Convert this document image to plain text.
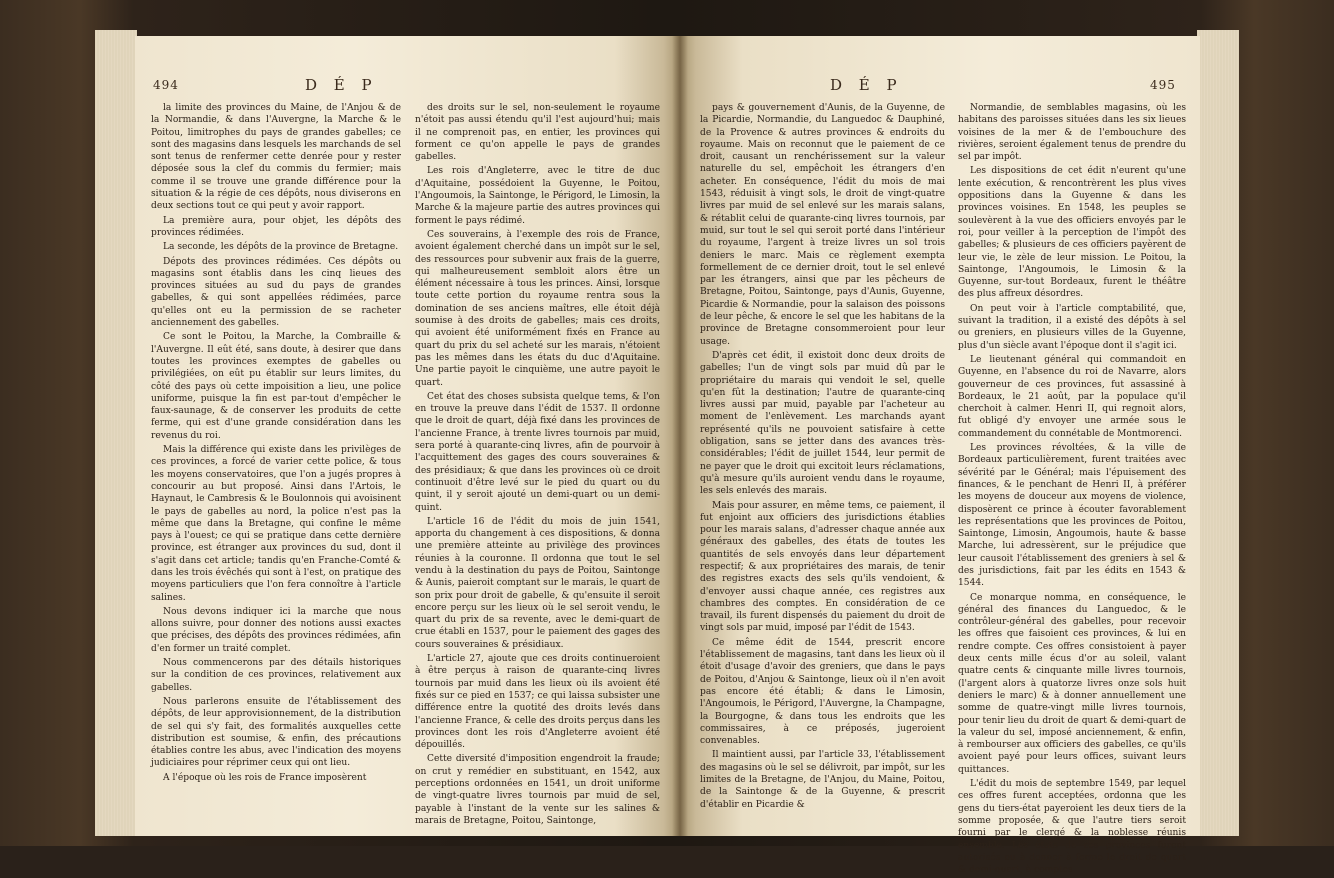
494	D É P

la limite des provinces du Maine, de l'Anjou & de la Normandie, & dans l'Auvergne, la Marche & le Poitou, limitrophes du pays de grandes gabelles; ce sont des magasins dans lesquels les marchands de sel sont tenus de renfermer cette denrée pour y rester déposée sous la clef du commis du fermier; mais comme il se trouve une grande différence pour la situation & la régie de ces dépôts, nous diviserons en deux sections tout ce qui peut y avoir rapport.

La première aura, pour objet, les dépôts des provinces rédimées.

La seconde, les dépôts de la province de Bretagne.

Dépots des provinces rédimées. Ces dépôts ou magasins sont établis dans les cinq lieues des provinces situées au sud du pays de grandes gabelles, & qui sont appellées rédimées, parce qu'elles ont eu la permission de se racheter anciennement des gabelles.

Ce sont le Poitou, la Marche, la Combraille & l'Auvergne. Il eût été, sans doute, à desirer que dans toutes les provinces exemptes de gabelles ou privilégiées, on eût pu établir sur leurs limites, du côté des pays où cette impoisition a lieu, une police uniforme, puisque la fin est par-tout d'empêcher le faux-saunage, & de conserver les produits de cette ferme, qui est d'une grande considération dans les revenus du roi.

Mais la différence qui existe dans les privilèges de ces provinces, a forcé de varier cette police, & tous les moyens conservatoires, que l'on a jugés propres à concourir au but proposé. Ainsi dans l'Artois, le Haynaut, le Cambresis & le Boulonnois qui avoisinent le pays de gabelles au nord, la police n'est pas la même que dans la Bretagne, qui confine le même pays à l'ouest; ce qui se pratique dans cette dernière province, est étranger aux provinces du sud, dont il s'agit dans cet article; tandis qu'en Franche-Comté & dans les trois évêchés qui sont à l'est, on pratique des moyens particuliers que l'on fera connoître à l'article salines.

Nous devons indiquer ici la marche que nous allons suivre, pour donner des notions aussi exactes que précises, des dépôts des provinces rédimées, afin d'en former un traité complet.

Nous commencerons par des détails historiques sur la condition de ces provinces, relativement aux gabelles.

Nous parlerons ensuite de l'établissement des dépôts, de leur approvisionnement, de la distribution de sel qui s'y fait, des formalités auxquelles cette distribution est soumise, & enfin, des précautions établies contre les abus, avec l'indication des moyens judiciaires pour réprimer ceux qui ont lieu.

A l'époque où les rois de France imposèrent

des droits sur le sel, non-seulement le royaume n'étoit pas aussi étendu qu'il l'est aujourd'hui; mais il ne comprenoit pas, en entier, les provinces qui forment ce qu'on appelle le pays de grandes gabelles.

Les rois d'Angleterre, avec le titre de duc d'Aquitaine, possédoient la Guyenne, le Poitou, l'Angoumois, la Saintonge, le Périgord, le Limosin, la Marche & la majeure partie des autres provinces qui forment le pays rédimé.

Ces souverains, à l'exemple des rois de France, avoient également cherché dans un impôt sur le sel, des ressources pour subvenir aux frais de la guerre, qui malheureusement sembloit alors être un élément nécessaire à tous les princes. Ainsi, lorsque toute cette portion du royaume rentra sous la domination de ses anciens maîtres, elle étoit déjà soumise à des droits de gabelles; mais ces droits, qui avoient été uniformément fixés en France au quart du prix du sel acheté sur les marais, n'étoient pas les mêmes dans les états du duc d'Aquitaine. Une partie payoit le cinquième, une autre payoit le quart.

Cet état des choses subsista quelque tems, & l'on en trouve la preuve dans l'édit de 1537. Il ordonne que le droit de quart, déjà fixé dans les provinces de l'ancienne France, à trente livres tournois par muid, sera porté à quarante-cinq livres, afin de pourvoir à l'acquittement des gages des cours souveraines & des présidiaux; & que dans les provinces où ce droit continuoit d'être levé sur le pied du quart ou du quint, il y seroit ajouté un demi-quart ou un demi-quint.

L'article 16 de l'édit du mois de juin 1541, apporta du changement à ces dispositions, & donna une première atteinte au privilège des provinces réunies à la couronne. Il ordonna que tout le sel vendu à la destination du pays de Poitou, Saintonge & Aunis, paieroit comptant sur le marais, le quart de son prix pour droit de gabelle, & qu'ensuite il seroit encore perçu sur les lieux où le sel seroit vendu, le quart du prix de sa revente, avec le demi-quart de crue établi en 1537, pour le paiement des gages des cours souveraines & présidiaux.

L'article 27, ajoute que ces droits continueroient à être perçus à raison de quarante-cinq livres tournois par muid dans les lieux où ils avoient été fixés sur ce pied en 1537; ce qui laissa subsister une différence entre la quotité des droits levés dans l'ancienne France, & celle des droits perçus dans les provinces dont les rois d'Angleterre avoient été dépouillés.

Cette diversité d'imposition engendroit la fraude; on crut y remédier en substituant, en 1542, aux perceptions ordonnées en 1541, un droit uniforme de vingt-quatre livres tournois par muid de sel, payable à l'instant de la vente sur les salines & marais de Bretagne, Poitou, Saintonge,

D É P	495

pays & gouvernement d'Aunis, de la Guyenne, de la Picardie, Normandie, du Languedoc & Dauphiné, de la Provence & autres provinces & endroits du royaume. Mais on reconnut que le paiement de ce droit, causant un renchérissement sur la valeur naturelle du sel, empêchoit les étrangers d'en acheter. En conséquence, l'édit du mois de mai 1543, réduisit à vingt sols, le droit de vingt-quatre livres par muid de sel enlevé sur les marais salans, & rétablit celui de quarante-cinq livres tournois, par muid, sur tout le sel qui seroit porté dans l'intérieur du royaume, l'argent à treize livres un sol trois deniers le marc. Mais ce règlement exempta formellement de ce dernier droit, tout le sel enlevé par les étrangers, ainsi que par les pêcheurs de Bretagne, Poitou, Saintonge, pays d'Aunis, Guyenne, Picardie & Normandie, pour la salaison des poissons de leur pêche, & encore le sel que les habitans de la province de Bretagne consommeroient pour leur usage.

D'après cet édit, il existoit donc deux droits de gabelles; l'un de vingt sols par muid dû par le propriétaire du marais qui vendoit le sel, quelle qu'en fût la destination; l'autre de quarante-cinq livres aussi par muid, payable par l'acheteur au moment de l'enlèvement. Les marchands ayant représenté qu'ils ne pouvoient satisfaire à cette obligation, sans se jetter dans des avances très-considérables; l'édit de juillet 1544, leur permit de ne payer que le droit qui excitoit leurs réclamations, qu'à mesure qu'ils auroient vendu dans le royaume, les sels enlevés des marais.

Mais pour assurer, en même tems, ce paiement, il fut enjoint aux officiers des jurisdictions établies pour les marais salans, d'adresser chaque année aux généraux des gabelles, des états de toutes les quantités de sels envoyés dans leur département respectif; & aux propriétaires des marais, de tenir des registres exacts des sels qu'ils vendoient, & d'envoyer aussi chaque année, ces registres aux chambres des comptes. En considération de ce travail, ils furent dispensés du paiement du droit de vingt sols par muid, imposé par l'édit de 1543.

Ce même édit de 1544, prescrit encore l'établissement de magasins, tant dans les lieux où il étoit d'usage d'avoir des greniers, que dans le pays de Poitou, d'Anjou & Saintonge, lieux où il n'en avoit pas encore été établi; & dans le Limosin, l'Angoumois, le Périgord, l'Auvergne, la Champagne, la Bourgogne, & dans tous les endroits que les commissaires, à ce préposés, jugeroient convenables.

Il maintient aussi, par l'article 33, l'établissement des magasins où le sel se délivroit, par impôt, sur les limites de la Bretagne, de l'Anjou, du Maine, Poitou, de la Saintonge & de la Guyenne, & prescrit d'établir en Picardie &

Normandie, de semblables magasins, où les habitans des paroisses situées dans les six lieues voisines de la mer & de l'embouchure des rivières, seroient également tenus de prendre du sel par impôt.

Les dispositions de cet édit n'eurent qu'une lente exécution, & rencontrèrent les plus vives oppositions dans la Guyenne & dans les provinces voisines. En 1548, les peuples se soulevèrent à la vue des officiers envoyés par le roi, pour veiller à la perception de l'impôt des gabelles; & plusieurs de ces officiers payèrent de leur vie, le zèle de leur mission. Le Poitou, la Saintonge, l'Angoumois, le Limosin & la Guyenne, sur-tout Bordeaux, furent le théâtre des plus affreux désordres.

On peut voir à l'article comptabilité, que, suivant la tradition, il a existé des dépôts à sel ou greniers, en plusieurs villes de la Guyenne, plus d'un siècle avant l'époque dont il s'agit ici.

Le lieutenant général qui commandoit en Guyenne, en l'absence du roi de Navarre, alors gouverneur de ces provinces, fut assassiné à Bordeaux, le 21 août, par la populace qu'il cherchoit à calmer. Henri II, qui regnoit alors, fut obligé d'y envoyer une armée sous le commandement du connétable de Montmorenci.

Les provinces révoltées, & la ville de Bordeaux particulièrement, furent traitées avec sévérité par le Général; mais l'épuisement des finances, & le penchant de Henri II, à préférer les moyens de douceur aux moyens de violence, disposèrent ce prince à écouter favorablement les représentations que les provinces de Poitou, Saintonge, Limosin, Angoumois, haute & basse Marche, lui adressèrent, sur le préjudice que leur causoit l'établissement des greniers à sel & des jurisdictions, fait par les édits en 1543 & 1544.

Ce monarque nomma, en conséquence, le général des finances du Languedoc, & le contrôleur-général des gabelles, pour recevoir les offres que faisoient ces provinces, & lui en rendre compte. Ces offres consistoient à payer deux cents mille écus d'or au soleil, valant quatre cents & cinquante mille livres tournois, (l'argent alors à quatorze livres onze sols huit deniers le marc) & à donner annuellement une somme de quatre-vingt mille livres tournois, pour tenir lieu du droit de quart & demi-quart de la valeur du sel, imposé anciennement, & enfin, à rembourser aux officiers des gabelles, ce qu'ils avoient payé pour leurs offices, suivant leurs quittances.

L'édit du mois de septembre 1549, par lequel ces offres furent acceptées, ordonna que les gens du tiers-état payeroient les deux tiers de la somme proposée, & que l'autre tiers seroit fourni par le clergé & la noblesse réunis ensemble. Les états de ces provinces furent autorisés ou à donner à ferme le droit de quart & demi-quart, à comptes
